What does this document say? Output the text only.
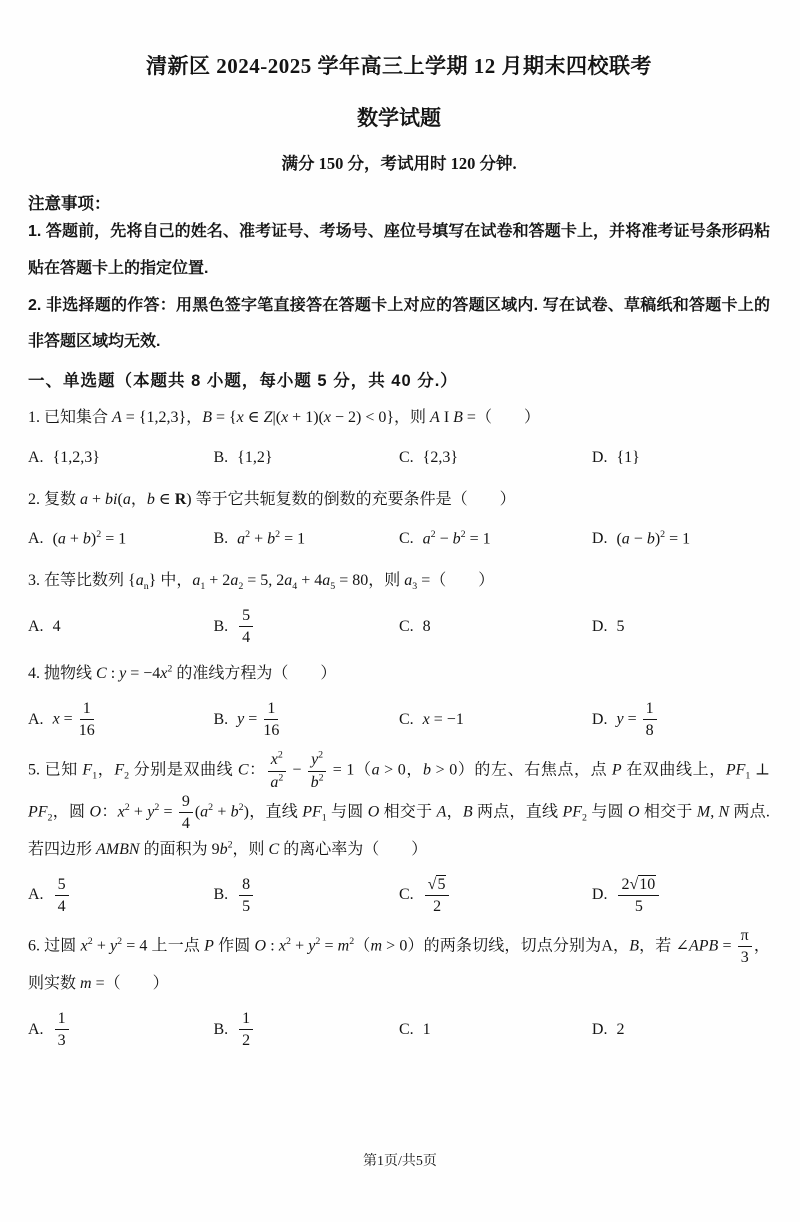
清新区 2024-2025 学年高三上学期 12 月期末四校联考
数学试题
满分 150 分，考试用时 120 分钟.
注意事项：
1. 答题前，先将自己的姓名、准考证号、考场号、座位号填写在试卷和答题卡上，并将准考证号条形码粘贴在答题卡上的指定位置.
2. 非选择题的作答：用黑色签字笔直接答在答题卡上对应的答题区域内. 写在试卷、草稿纸和答题卡上的非答题区域均无效.
一、单选题（本题共 8 小题，每小题 5 分，共 40 分.）
1. 已知集合 A = {1,2,3}，B = {x ∈ Z|(x + 1)(x − 2) < 0}，则 A I B =（　　）
A. {1,2,3}	B. {1,2}	C. {2,3}	D. {1}
2. 复数 a + bi(a，b ∈ R) 等于它共轭复数的倒数的充要条件是（　　）
A. $(a + b)^2 = 1$	B. $a^2 + b^2 = 1$	C. $a^2 - b^2 = 1$	D. $(a - b)^2 = 1$
3. 在等比数列 $\{a_n\}$ 中，$a_1 + 2a_2 = 5$, $2a_4 + 4a_5 = 80$，则 $a_3$ =（　　）
A. 4	B. $\frac{5}{4}$	C. 8	D. 5
4. 抛物线 C : $y = -4x^2$ 的准线方程为（　　）
A. $x = \frac{1}{16}$	B. $y = \frac{1}{16}$	C. x = −1	D. $y = \frac{1}{8}$
5. 已知 $F_1$，$F_2$ 分别是双曲线 C： $\frac{x^2}{a^2} - \frac{y^2}{b^2} = 1(a > 0$，b > 0）的左、右焦点，点 P 在双曲线上，$PF_1$ ⊥ $PF_2$，圆 O：$x^2 + y^2 = \frac{9}{4} (a^2 + b^2)$，直线 $PF_1$ 与圆 O 相交于 A，B 两点，直线 $PF_2$ 与圆 O 相交于 M, N 两点. 若四边形 AMBN 的面积为 $9b^2$，则 C 的离心率为（　　）
A. $\frac{5}{4}$	B. $\frac{8}{5}$	C. $\frac{√5}{2}$	D. $\frac{2√10}{5}$
6. 过圆 $x^2 + y^2 = 4$ 上一点 P 作圆 O : $x^2 + y^2 = m^2(m > 0)$的两条切线，切点分别为A，B，若 ∠APB = $\frac{\pi}{3}$ ，则实数 m =（　　）
A. $\frac{1}{3}$	B. $\frac{1}{2}$	C. 1	D. 2
第1页/共5页
